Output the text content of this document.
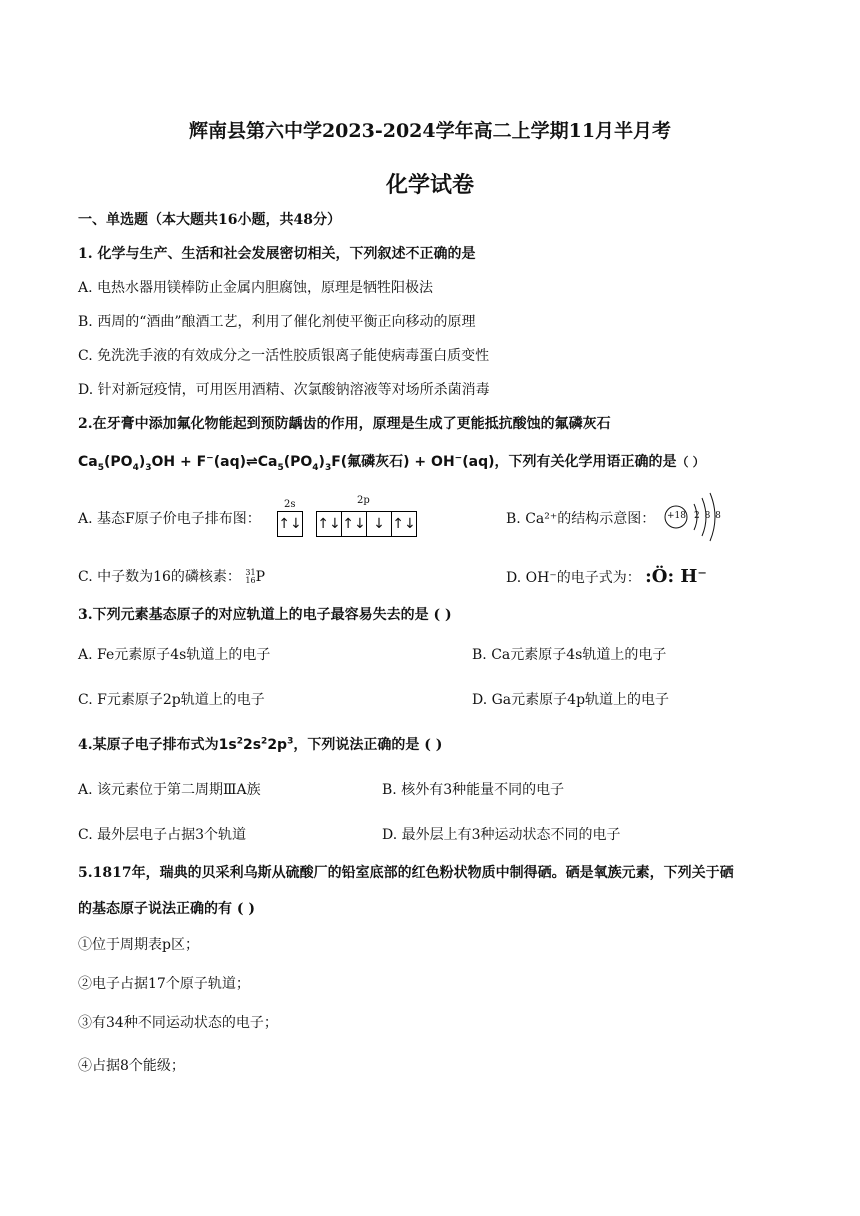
辉南县第六中学2023-2024学年高二上学期11月半月考
化学试卷
一、单选题（本大题共16小题，共48分）
1. 化学与生产、生活和社会发展密切相关，下列叙述不正确的是
A. 电热水器用镁棒防止金属内胆腐蚀，原理是牺牲阳极法
B. 西周的“酒曲”酿酒工艺，利用了催化剂使平衡正向移动的原理
C. 免洗洗手液的有效成分之一活性胶质银离子能使病毒蛋白质变性
D. 针对新冠疫情，可用医用酒精、次氯酸钠溶液等对场所杀菌消毒
2.在牙膏中添加氟化物能起到预防龋齿的作用，原理是生成了更能抵抗酸蚀的氟磷灰石
$Ca_5(PO_4)_3OH$ + $F^-(aq)\rightleftharpoons Ca_5(PO_4)_3F$(氟磷灰石) + OH−(aq)，下列有关化学用语正确的是（ ）
A. 基态F原子价电子排布图：
2s	2p
↑↓ ↑↓ ↑↓ ↓ ↑↓	B. Ca²⁺的结构示意图： +18 2 8 8
C. 中子数为16的磷核素： 31
16P	D. OH⁻的电子式为： :Ö: H⁻
3.下列元素基态原子的对应轨道上的电子最容易失去的是 ( )
A. Fe元素原子4s轨道上的电子	B. Ca元素原子4s轨道上的电子
C. F元素原子2p轨道上的电子	D. Ga元素原子4p轨道上的电子
4.某原子电子排布式为$1s^22s^22p^3$，下列说法正确的是 ( )
A. 该元素位于第二周期ⅢA族	B. 核外有3种能量不同的电子
C. 最外层电子占据3个轨道	D. 最外层上有3种运动状态不同的电子
5.1817年，瑞典的贝采利乌斯从硫酸厂的铅室底部的红色粉状物质中制得硒。硒是氧族元素，下列关于硒
的基态原子说法正确的有 ( )
①位于周期表p区；
②电子占据17个原子轨道；
③有34种不同运动状态的电子；
④占据8个能级；
